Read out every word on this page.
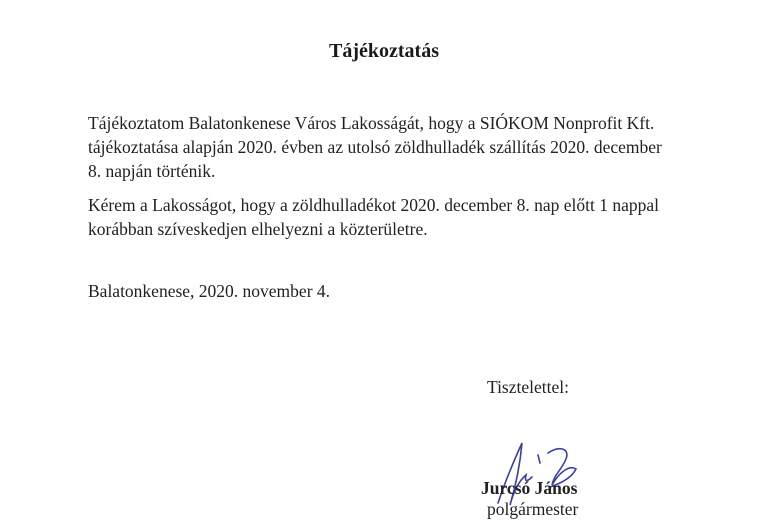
Tájékoztatás
Tájékoztatom Balatonkenese Város Lakosságát, hogy a SIÓKOM Nonprofit Kft.
tájékoztatása alapján 2020. évben az utolsó zöldhulladék szállítás 2020. december
8. napján történik.
Kérem a Lakosságot, hogy a zöldhulladékot 2020. december 8. nap előtt 1 nappal
korábban szíveskedjen elhelyezni a közterületre.
Balatonkenese, 2020. november 4.
Tisztelettel:
Jurcsó János
polgármester
